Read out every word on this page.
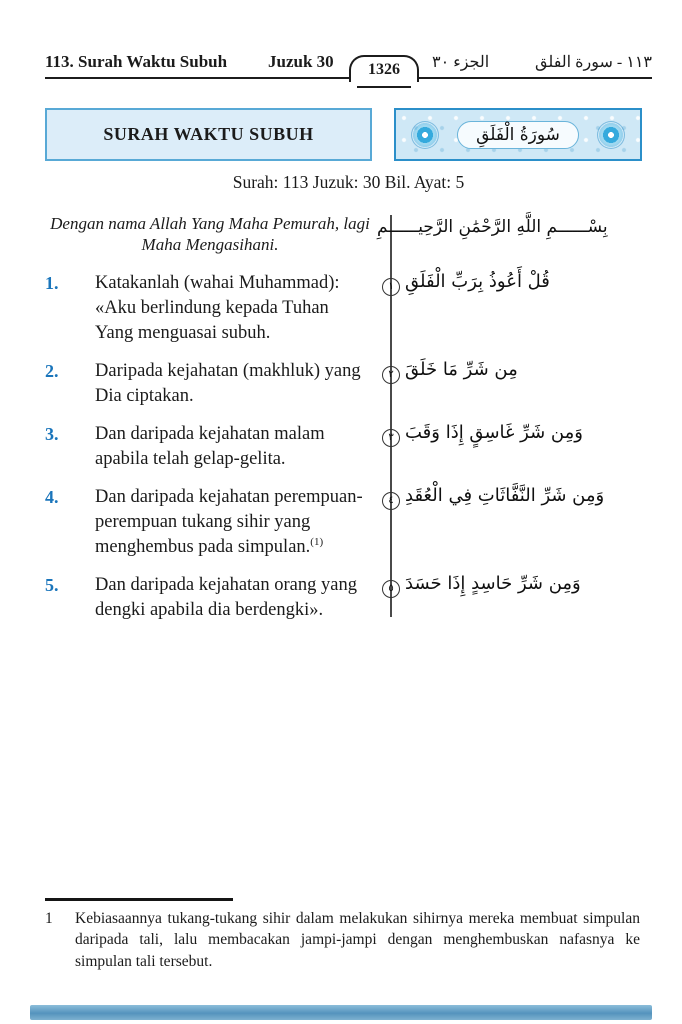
113. Surah Waktu Subuh Juzuk 30	الجزء ٣٠	١١٣ - سورة الفلق
1326
SURAH WAKTU SUBUH	سُورَةُ الْفَلَقِ
Surah: 113 Juzuk: 30 Bil. Ayat: 5
Dengan nama Allah Yang Maha Pemurah, lagi Maha Mengasihani.
بِسْــــــمِ اللَّهِ الرَّحْمَٰنِ الرَّحِيــــــمِ
1.	Katakanlah (wahai Muhammad): «Aku berlindung kepada Tuhan Yang menguasai subuh.
قُلْ أَعُوذُ بِرَبِّ الْفَلَقِ١
2.	Daripada kejahatan (makhluk) yang Dia ciptakan.
مِن شَرِّ مَا خَلَقَ٢
3.	Dan daripada kejahatan malam apabila telah gelap-gelita.
وَمِن شَرِّ غَاسِقٍ إِذَا وَقَبَ٣
4.	Dan daripada kejahatan perempuan-perempuan tukang sihir yang menghembus pada simpulan.$^{(1)}$
وَمِن شَرِّ النَّفَّاثَاتِ فِي الْعُقَدِ٤
5.	Dan daripada kejahatan orang yang dengki apabila dia berdengki».
وَمِن شَرِّ حَاسِدٍ إِذَا حَسَدَ٥
1	Kebiasaannya tukang-tukang sihir dalam melakukan sihirnya mereka membuat simpulan daripada tali, lalu membacakan jampi-jampi dengan menghembuskan nafasnya ke simpulan tali tersebut.
